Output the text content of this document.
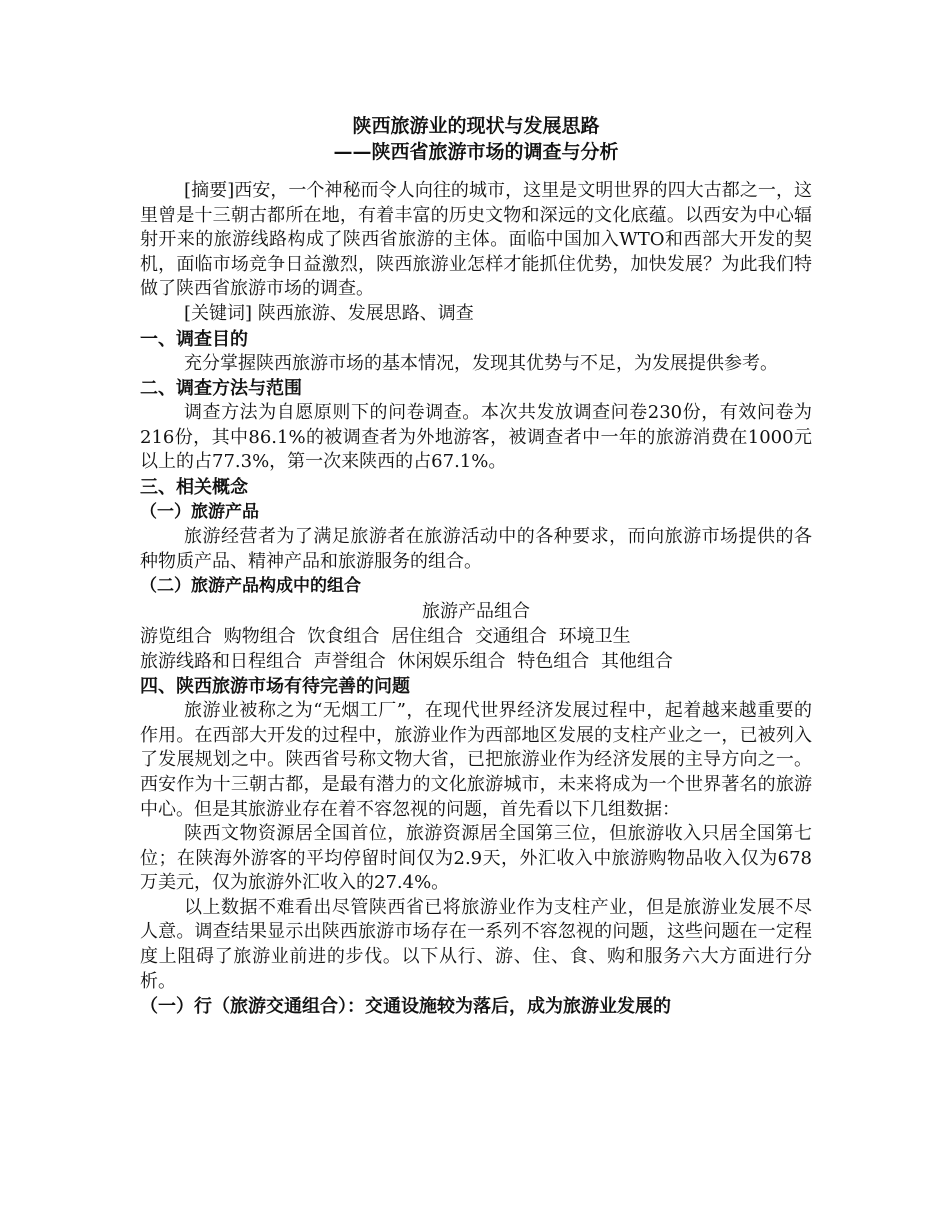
陕西旅游业的现状与发展思路
——陕西省旅游市场的调查与分析

[摘要]西安，一个神秘而令人向往的城市，这里是文明世界的四大古都之一，这里曾是十三朝古都所在地，有着丰富的历史文物和深远的文化底蕴。以西安为中心辐射开来的旅游线路构成了陕西省旅游的主体。面临中国加入WTO和西部大开发的契机，面临市场竞争日益激烈，陕西旅游业怎样才能抓住优势，加快发展？为此我们特做了陕西省旅游市场的调查。

[关键词] 陕西旅游、发展思路、调查

一、调查目的

充分掌握陕西旅游市场的基本情况，发现其优势与不足，为发展提供参考。

二、调查方法与范围

调查方法为自愿原则下的问卷调查。本次共发放调查问卷230份，有效问卷为216份，其中86.1%的被调查者为外地游客，被调查者中一年的旅游消费在1000元以上的占77.3%，第一次来陕西的占67.1%。

三、相关概念
（一）旅游产品

旅游经营者为了满足旅游者在旅游活动中的各种要求，而向旅游市场提供的各种物质产品、精神产品和旅游服务的组合。

（二）旅游产品构成中的组合
旅游产品组合
游览组合 购物组合 饮食组合 居住组合 交通组合 环境卫生
旅游线路和日程组合 声誉组合 休闲娱乐组合 特色组合 其他组合
四、陕西旅游市场有待完善的问题

旅游业被称之为“无烟工厂”，在现代世界经济发展过程中，起着越来越重要的作用。在西部大开发的过程中，旅游业作为西部地区发展的支柱产业之一，已被列入了发展规划之中。陕西省号称文物大省，已把旅游业作为经济发展的主导方向之一。西安作为十三朝古都，是最有潜力的文化旅游城市，未来将成为一个世界著名的旅游中心。但是其旅游业存在着不容忽视的问题，首先看以下几组数据：

陕西文物资源居全国首位，旅游资源居全国第三位，但旅游收入只居全国第七位；在陕海外游客的平均停留时间仅为2.9天，外汇收入中旅游购物品收入仅为678万美元，仅为旅游外汇收入的27.4%。

以上数据不难看出尽管陕西省已将旅游业作为支柱产业，但是旅游业发展不尽人意。调查结果显示出陕西旅游市场存在一系列不容忽视的问题，这些问题在一定程度上阻碍了旅游业前进的步伐。以下从行、游、住、食、购和服务六大方面进行分析。

（一）行（旅游交通组合）：交通设施较为落后，成为旅游业发展的
